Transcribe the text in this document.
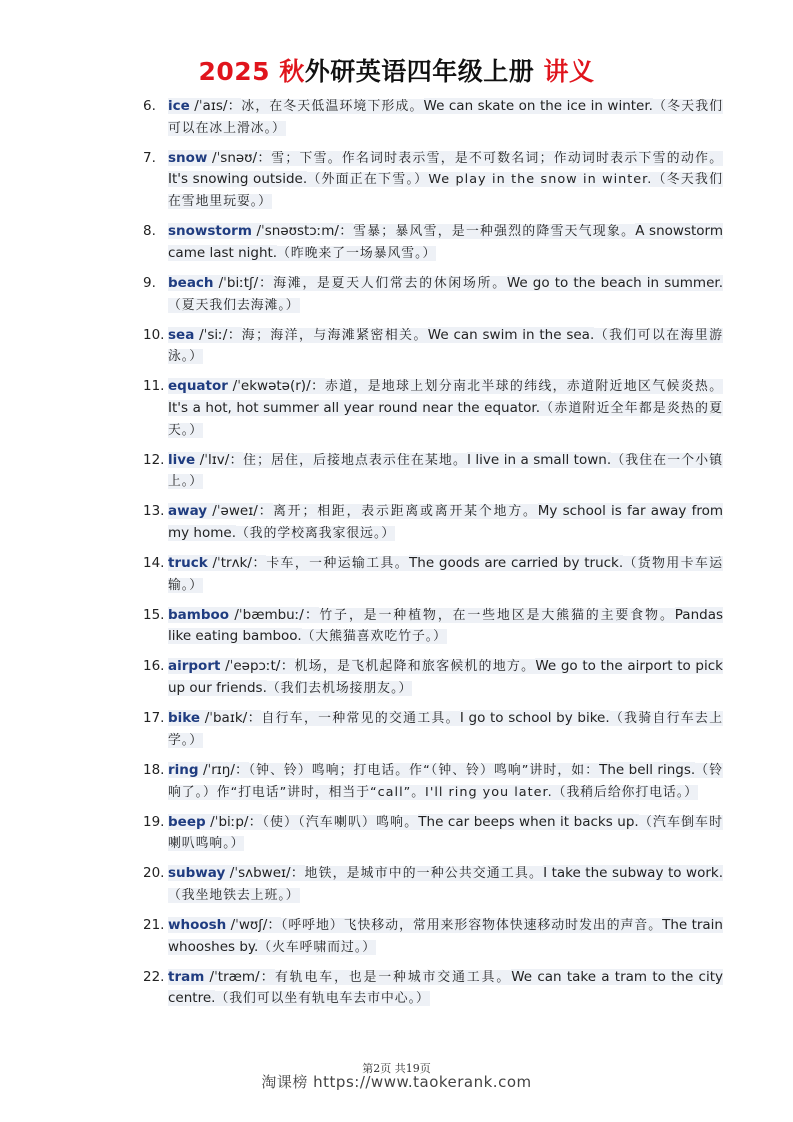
2025 秋外研英语四年级上册 讲义
6. ice /ˈaɪs/：冰，在冬天低温环境下形成。We can skate on the ice in winter.（冬天我们可以在冰上滑冰。）
7. snow /ˈsnəʊ/：雪；下雪。作名词时表示雪，是不可数名词；作动词时表示下雪的动作。It's snowing outside.（外面正在下雪。）We play in the snow in winter.（冬天我们在雪地里玩耍。）
8. snowstorm /ˈsnəʊstɔːm/：雪暴；暴风雪，是一种强烈的降雪天气现象。A snowstorm came last night.（昨晚来了一场暴风雪。）
9. beach /ˈbiːtʃ/：海滩，是夏天人们常去的休闲场所。We go to the beach in summer.（夏天我们去海滩。）
10. sea /ˈsiː/：海；海洋，与海滩紧密相关。We can swim in the sea.（我们可以在海里游泳。）
11. equator /ˈekwətə(r)/：赤道，是地球上划分南北半球的纬线，赤道附近地区气候炎热。It's a hot, hot summer all year round near the equator.（赤道附近全年都是炎热的夏天。）
12. live /ˈlɪv/：住；居住，后接地点表示住在某地。I live in a small town.（我住在一个小镇上。）
13. away /ˈəweɪ/：离开；相距，表示距离或离开某个地方。My school is far away from my home.（我的学校离我家很远。）
14. truck /ˈtrʌk/：卡车，一种运输工具。The goods are carried by truck.（货物用卡车运输。）
15. bamboo /ˈbæmbuː/：竹子，是一种植物，在一些地区是大熊猫的主要食物。Pandas like eating bamboo.（大熊猫喜欢吃竹子。）
16. airport /ˈeəpɔːt/：机场，是飞机起降和旅客候机的地方。We go to the airport to pick up our friends.（我们去机场接朋友。）
17. bike /ˈbaɪk/：自行车，一种常见的交通工具。I go to school by bike.（我骑自行车去上学。）
18. ring /ˈrɪŋ/：（钟、铃）鸣响；打电话。作“（钟、铃）鸣响”讲时，如：The bell rings.（铃响了。）作“打电话”讲时，相当于“call”。I'll ring you later.（我稍后给你打电话。）
19. beep /ˈbiːp/：（使）（汽车喇叭）鸣响。The car beeps when it backs up.（汽车倒车时喇叭鸣响。）
20. subway /ˈsʌbweɪ/：地铁，是城市中的一种公共交通工具。I take the subway to work.（我坐地铁去上班。）
21. whoosh /ˈwʊʃ/：（呼呼地）飞快移动，常用来形容物体快速移动时发出的声音。The train whooshes by.（火车呼啸而过。）
22. tram /ˈtræm/：有轨电车，也是一种城市交通工具。We can take a tram to the city centre.（我们可以坐有轨电车去市中心。）
第2页 共19页
淘课榜 https://www.taokerank.com
